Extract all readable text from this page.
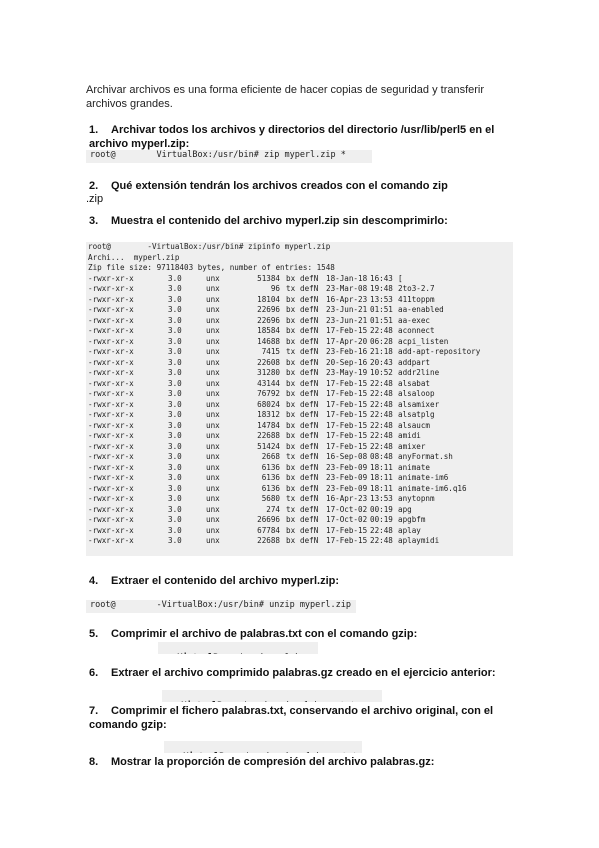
Archivar archivos es una forma eficiente de hacer copias de seguridad y transferir archivos grandes.
1. Archivar todos los archivos y directorios del directorio /usr/lib/perl5 en el archivo myperl.zip:
root@        VirtualBox:/usr/bin# zip myperl.zip *
2. Qué extensión tendrán los archivos creados con el comando zip
.zip
3. Muestra el contenido del archivo myperl.zip sin descomprimirlo:
root@        -VirtualBox:/usr/bin# zipinfo myperl.zip
Archi...  myperl.zip
Zip file size: 97118403 bytes, number of entries: 1548
-rwxr-xr-x	3.0	unx	51384	bx	defN	18-Jan-18	16:43	[
-rwxr-xr-x	3.0	unx	96	tx	defN	23-Mar-08	19:48	2to3-2.7
-rwxr-xr-x	3.0	unx	18104	bx	defN	16-Apr-23	13:53	411toppm
-rwxr-xr-x	3.0	unx	22696	bx	defN	23-Jun-21	01:51	aa-enabled
-rwxr-xr-x	3.0	unx	22696	bx	defN	23-Jun-21	01:51	aa-exec
-rwxr-xr-x	3.0	unx	18584	bx	defN	17-Feb-15	22:48	aconnect
-rwxr-xr-x	3.0	unx	14688	bx	defN	17-Apr-20	06:28	acpi_listen
-rwxr-xr-x	3.0	unx	7415	tx	defN	23-Feb-16	21:18	add-apt-repository
-rwxr-xr-x	3.0	unx	22608	bx	defN	20-Sep-16	20:43	addpart
-rwxr-xr-x	3.0	unx	31280	bx	defN	23-May-19	10:52	addr2line
-rwxr-xr-x	3.0	unx	43144	bx	defN	17-Feb-15	22:48	alsabat
-rwxr-xr-x	3.0	unx	76792	bx	defN	17-Feb-15	22:48	alsaloop
-rwxr-xr-x	3.0	unx	68024	bx	defN	17-Feb-15	22:48	alsamixer
-rwxr-xr-x	3.0	unx	18312	bx	defN	17-Feb-15	22:48	alsatplg
-rwxr-xr-x	3.0	unx	14784	bx	defN	17-Feb-15	22:48	alsaucm
-rwxr-xr-x	3.0	unx	22688	bx	defN	17-Feb-15	22:48	amidi
-rwxr-xr-x	3.0	unx	51424	bx	defN	17-Feb-15	22:48	amixer
-rwxr-xr-x	3.0	unx	2668	tx	defN	16-Sep-08	08:48	anyFormat.sh
-rwxr-xr-x	3.0	unx	6136	bx	defN	23-Feb-09	18:11	animate
-rwxr-xr-x	3.0	unx	6136	bx	defN	23-Feb-09	18:11	animate-im6
-rwxr-xr-x	3.0	unx	6136	bx	defN	23-Feb-09	18:11	animate-im6.q16
-rwxr-xr-x	3.0	unx	5680	tx	defN	16-Apr-23	13:53	anytopnm
-rwxr-xr-x	3.0	unx	274	tx	defN	17-Oct-02	00:19	apg
-rwxr-xr-x	3.0	unx	26696	bx	defN	17-Oct-02	00:19	apgbfm
-rwxr-xr-x	3.0	unx	67784	bx	defN	17-Feb-15	22:48	aplay
-rwxr-xr-x	3.0	unx	22688	bx	defN	17-Feb-15	22:48	aplaymidi
4. Extraer el contenido del archivo myperl.zip:
root@        -VirtualBox:/usr/bin# unzip myperl.zip
5. Comprimir el archivo de palabras.txt con el comando gzip:

6. Extraer el archivo comprimido palabras.gz creado en el ejercicio anterior:

7. Comprimir el fichero palabras.txt, conservando el archivo original, con el comando gzip:

8. Mostrar la proporción de compresión del archivo palabras.gz:
